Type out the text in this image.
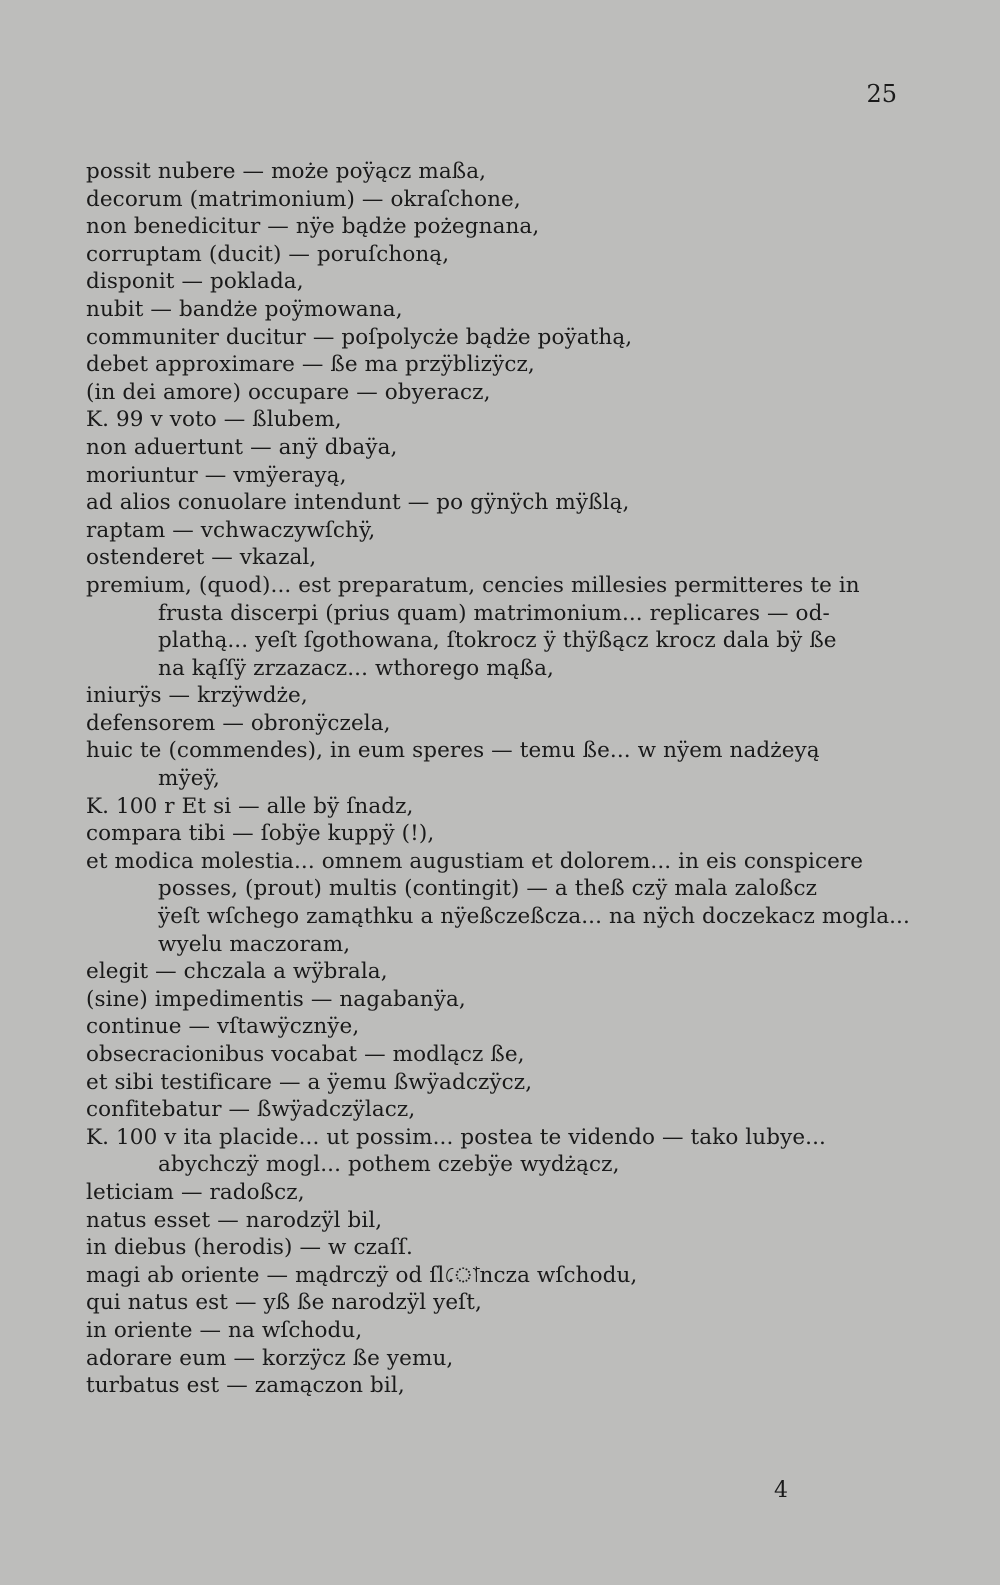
25
possit nubere — może poÿącz maßa,
decorum (matrimonium) — okraſchone,
non benedicitur — nÿe bądże pożegnana,
corruptam (ducit) — poruſchoną,
disponit — poklada,
nubit — bandże poÿmowana,
communiter ducitur — poſpolycże bądże poÿathą,
debet approximare — ße ma przÿblizÿcz,
(in dei amore) occupare — obyeracz,
K. 99 v voto — ßlubem,
non aduertunt — anÿ dbaÿa,
moriuntur — vmÿerayą,
ad alios conuolare intendunt — po gÿnÿch mÿßlą,
raptam — vchwaczywſchÿ,
ostenderet — vkazal,
premium, (quod)... est preparatum, cencies millesies permitteres te in
frusta discerpi (prius quam) matrimonium... replicares — od-
plathą... yeſt ſgothowana, ſtokrocz ÿ thÿßącz krocz dala bÿ ße
na kąſſÿ zrzazacz... wthorego mąßa,
iniurÿs — krzÿwdże,
defensorem — obronÿczela,
huic te (commendes), in eum speres — temu ße... w nÿem nadżeyą
mÿeÿ,
K. 100 r Et si — alle bÿ ſnadz,
compara tibi — ſobÿe kuppÿ (!),
et modica molestia... omnem augustiam et dolorem... in eis conspicere
posses, (prout) multis (contingit) — a theß czÿ mala zaloßcz
ÿeſt wſchego zamąthku a nÿeßczeßcza... na nÿch doczekacz mogla...
wyelu maczoram,
elegit — chczala a wÿbrala,
(sine) impedimentis — nagabanÿa,
continue — vſtawÿcznÿe,
obsecracionibus vocabat — modlącz ße,
et sibi testificare — a ÿemu ßwÿadczÿcz,
confitebatur — ßwÿadczÿlacz,
K. 100 v ita placide... ut possim... postea te videndo — tako lubye...
abychczÿ mogl... pothem czebÿe wydżącz,
leticiam — radoßcz,
natus esset — narodzÿl bil,
in diebus (herodis) — w czaſſ.
magi ab oriente — mądrczÿ od ſlোncza wſchodu,
qui natus est — yß ße narodzÿl yeſt,
in oriente — na wſchodu,
adorare eum — korzÿcz ße yemu,
turbatus est — zamączon bil,
4
